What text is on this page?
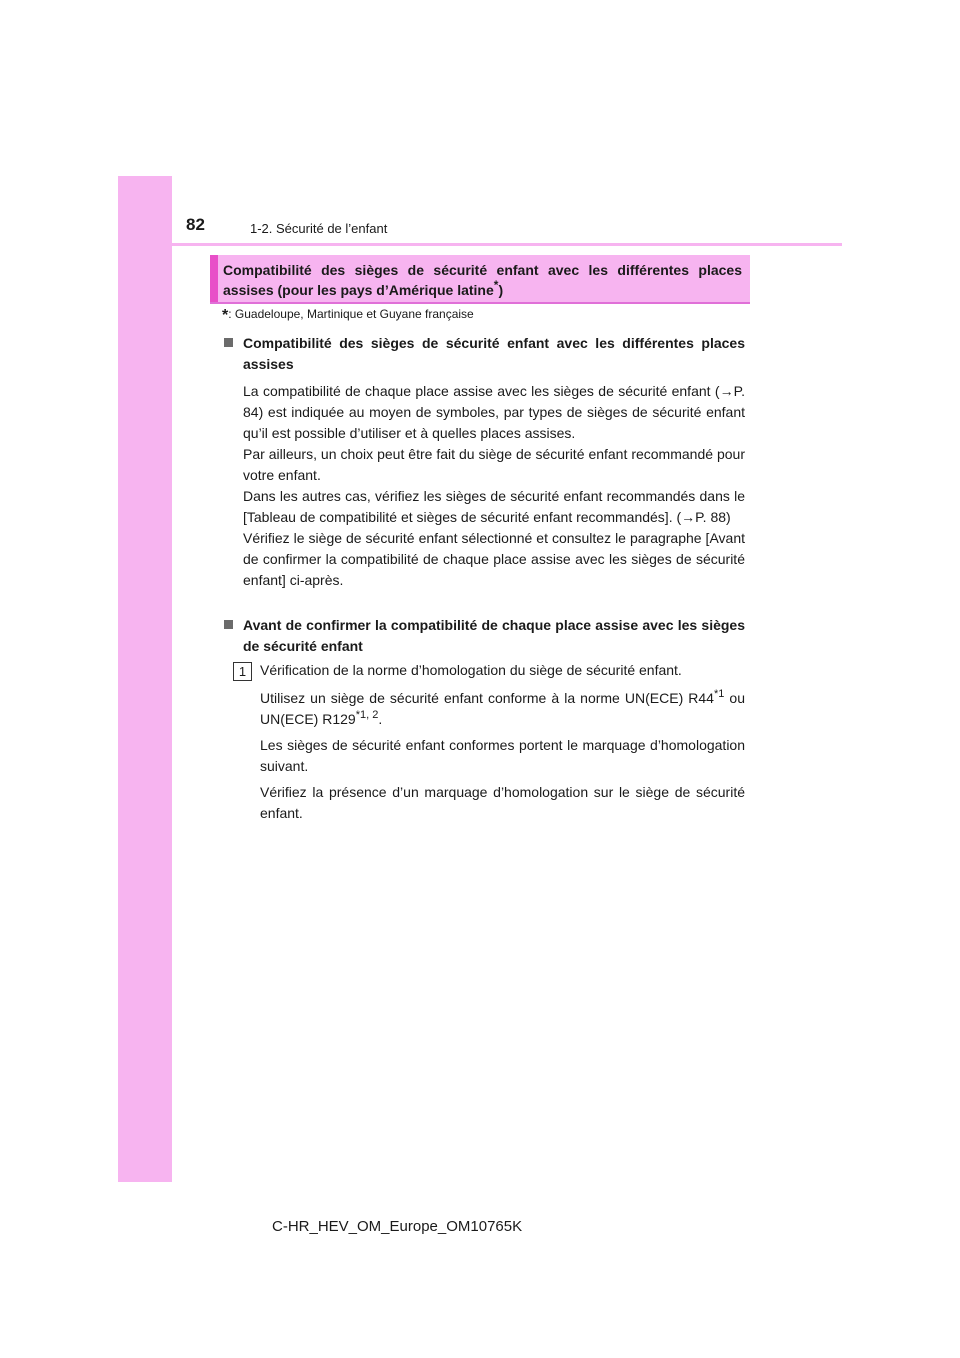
82	1-2. Sécurité de l’enfant
Compatibilité des sièges de sécurité enfant avec les différentes places assises (pour les pays d’Amérique latine*)
*: Guadeloupe, Martinique et Guyane française
Compatibilité des sièges de sécurité enfant avec les différentes places assises

La compatibilité de chaque place assise avec les sièges de sécurité enfant (→P. 84) est indiquée au moyen de symboles, par types de sièges de sécurité enfant qu’il est possible d’utiliser et à quelles places assises.

Par ailleurs, un choix peut être fait du siège de sécurité enfant recommandé pour votre enfant.

Dans les autres cas, vérifiez les sièges de sécurité enfant recommandés dans le [Tableau de compatibilité et sièges de sécurité enfant recommandés]. (→P. 88)

Vérifiez le siège de sécurité enfant sélectionné et consultez le paragraphe [Avant de confirmer la compatibilité de chaque place assise avec les sièges de sécurité enfant] ci-après.

Avant de confirmer la compatibilité de chaque place assise avec les sièges de sécurité enfant
1 Vérification de la norme d’homologation du siège de sécurité enfant.

Utilisez un siège de sécurité enfant conforme à la norme UN(ECE) R44$^{*1}$ ou UN(ECE) R129$^{*1, 2}$.

Les sièges de sécurité enfant conformes portent le marquage d’homologation suivant.

Vérifiez la présence d’un marquage d’homologation sur le siège de sécurité enfant.

C-HR_HEV_OM_Europe_OM10765K
